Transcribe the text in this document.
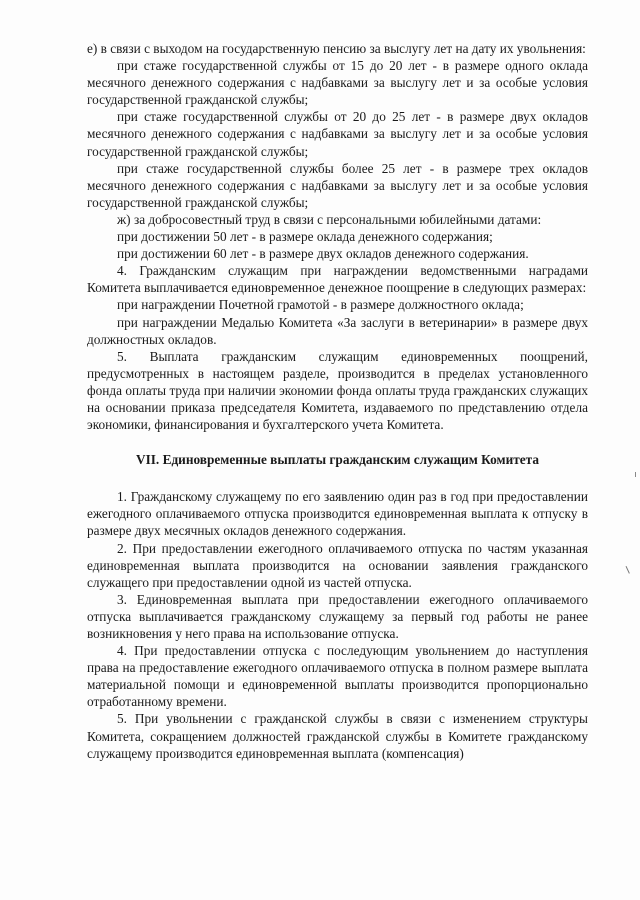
е) в связи с выходом на государственную пенсию за выслугу лет на дату их увольнения:

при стаже государственной службы от 15 до 20 лет - в размере одного оклада месячного денежного содержания с надбавками за выслугу лет и за особые условия государственной гражданской службы;

при стаже государственной службы от 20 до 25 лет - в размере двух окладов месячного денежного содержания с надбавками за выслугу лет и за особые условия государственной гражданской службы;

при стаже государственной службы более 25 лет - в размере трех окладов месячного денежного содержания с надбавками за выслугу лет и за особые условия государственной гражданской службы;

ж) за добросовестный труд в связи с персональными юбилейными датами:

при достижении 50 лет - в размере оклада денежного содержания;

при достижении 60 лет - в размере двух окладов денежного содержания.

4. Гражданским служащим при награждении ведомственными наградами Комитета выплачивается единовременное денежное поощрение в следующих размерах:

при награждении Почетной грамотой - в размере должностного оклада;

при награждении Медалью Комитета «За заслуги в ветеринарии» в размере двух должностных окладов.

5. Выплата гражданским служащим единовременных поощрений, предусмотренных в настоящем разделе, производится в пределах установленного фонда оплаты труда при наличии экономии фонда оплаты труда гражданских служащих на основании приказа председателя Комитета, издаваемого по представлению отдела экономики, финансирования и бухгалтерского учета Комитета.

VII. Единовременные выплаты гражданским служащим Комитета

1. Гражданскому служащему по его заявлению один раз в год при предоставлении ежегодного оплачиваемого отпуска производится единовременная выплата к отпуску в размере двух месячных окладов денежного содержания.

2. При предоставлении ежегодного оплачиваемого отпуска по частям указанная единовременная выплата производится на основании заявления гражданского служащего при предоставлении одной из частей отпуска.

3. Единовременная выплата при предоставлении ежегодного оплачиваемого отпуска выплачивается гражданскому служащему за первый год работы не ранее возникновения у него права на использование отпуска.

4. При предоставлении отпуска с последующим увольнением до наступления права на предоставление ежегодного оплачиваемого отпуска в полном размере выплата материальной помощи и единовременной выплаты производится пропорционально отработанному времени.

5. При увольнении с гражданской службы в связи с изменением структуры Комитета, сокращением должностей гражданской службы в Комитете гражданскому служащему производится единовременная выплата (компенсация)
